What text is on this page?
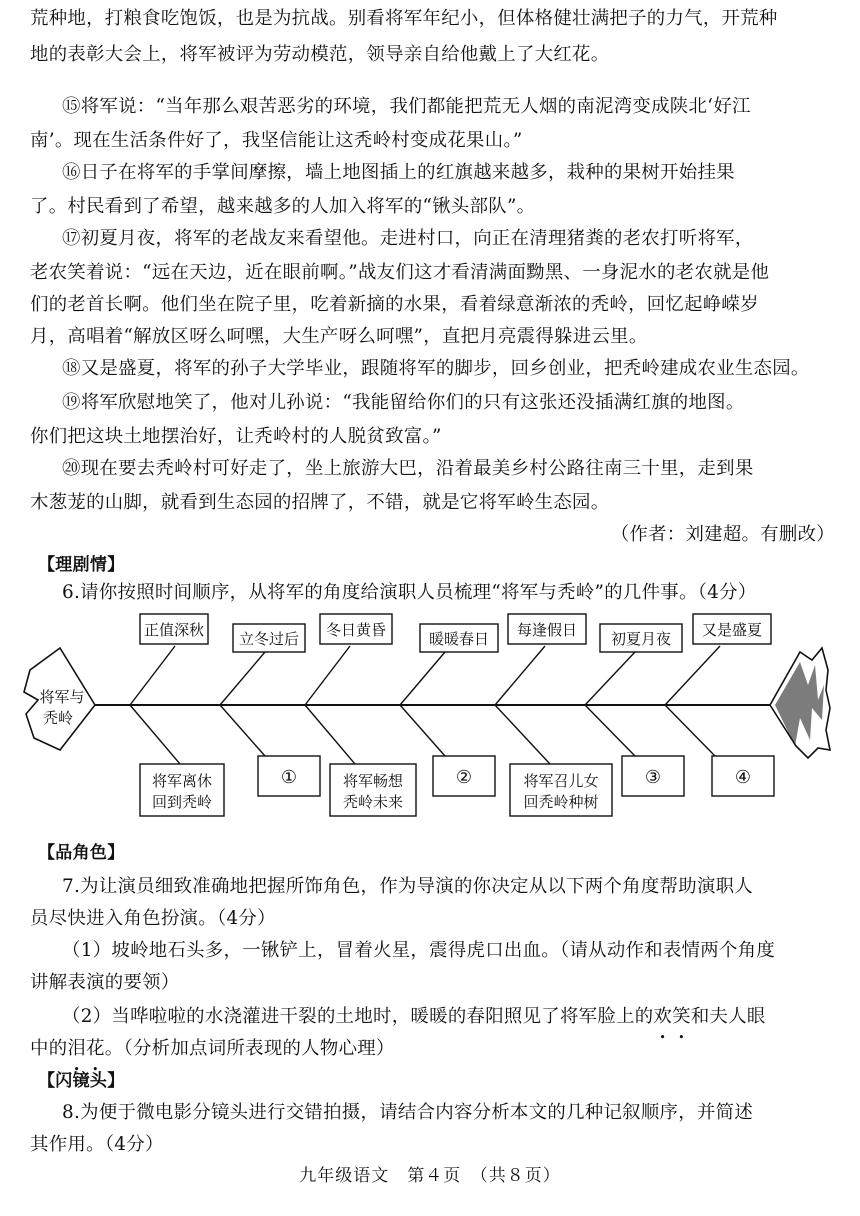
荒种地，打粮食吃饱饭，也是为抗战。别看将军年纪小，但体格健壮满把子的力气，开荒种
地的表彰大会上，将军被评为劳动模范，领导亲自给他戴上了大红花。
⑮将军说：“当年那么艰苦恶劣的环境，我们都能把荒无人烟的南泥湾变成陕北‘好江
南’。现在生活条件好了，我坚信能让这秃岭村变成花果山。”
⑯日子在将军的手掌间摩擦，墙上地图插上的红旗越来越多，栽种的果树开始挂果
了。村民看到了希望，越来越多的人加入将军的“锹头部队”。
⑰初夏月夜，将军的老战友来看望他。走进村口，向正在清理猪粪的老农打听将军，
老农笑着说：“远在天边，近在眼前啊。”战友们这才看清满面黝黑、一身泥水的老农就是他
们的老首长啊。他们坐在院子里，吃着新摘的水果，看着绿意渐浓的秃岭，回忆起峥嵘岁
月，高唱着“解放区呀么呵嘿，大生产呀么呵嘿”，直把月亮震得躲进云里。
⑱又是盛夏，将军的孙子大学毕业，跟随将军的脚步，回乡创业，把秃岭建成农业生态园。
⑲将军欣慰地笑了，他对儿孙说：“我能留给你们的只有这张还没插满红旗的地图。
你们把这块土地摆治好，让秃岭村的人脱贫致富。”
⑳现在要去秃岭村可好走了，坐上旅游大巴，沿着最美乡村公路往南三十里，走到果
木葱茏的山脚，就看到生态园的招牌了，不错，就是它将军岭生态园。
（作者：刘建超。有删改）
【理剧情】
6.请你按照时间顺序，从将军的角度给演职人员梳理“将军与秃岭”的几件事。（4分）
将军与
秃岭
正值深秋 立冬过后 冬日黄昏	暖暖春日 每逢假日 初夏月夜 又是盛夏
将军离休
回到秃岭
①	将军畅想
秃岭未来
②	将军召儿女
回秃岭种树
③	④
【品角色】
7.为让演员细致准确地把握所饰角色，作为导演的你决定从以下两个角度帮助演职人
员尽快进入角色扮演。（4分）
（1）坡岭地石头多，一锹铲上，冒着火星，震得虎口出血。（请从动作和表情两个角度
讲解表演的要领）
（2）当哗啦啦的水浇灌进干裂的土地时，暖暖的春阳照见了将军脸上的欢笑和夫人眼
中的泪花。（分析加点词所表现的人物心理）
【闪镜头】
8.为便于微电影分镜头进行交错拍摄，请结合内容分析本文的几种记叙顺序，并简述
其作用。（4分）
九年级语文　第４页　（共８页）
